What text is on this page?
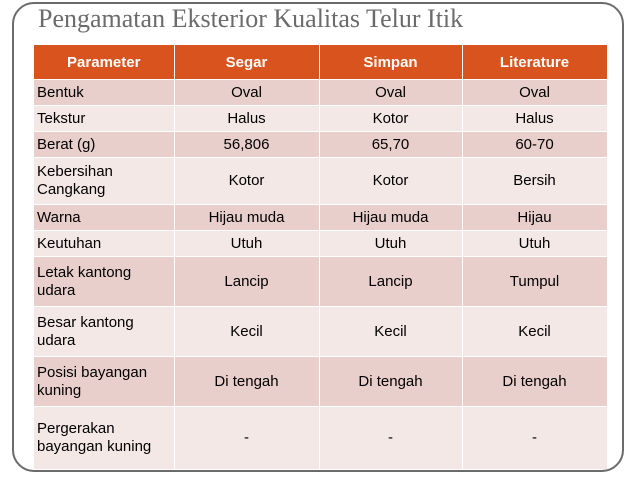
Pengamatan Eksterior Kualitas Telur Itik
Parameter	Segar	Simpan	Literature
Bentuk	Oval	Oval	Oval
Tekstur	Halus	Kotor	Halus
Berat (g)	56,806	65,70	60-70
Kebersihan Cangkang	Kotor	Kotor	Bersih
Warna	Hijau muda	Hijau muda	Hijau
Keutuhan	Utuh	Utuh	Utuh
Letak kantong udara	Lancip	Lancip	Tumpul
Besar kantong udara	Kecil	Kecil	Kecil
Posisi bayangan kuning	Di tengah	Di tengah	Di tengah
Pergerakan bayangan kuning	-	-	-
